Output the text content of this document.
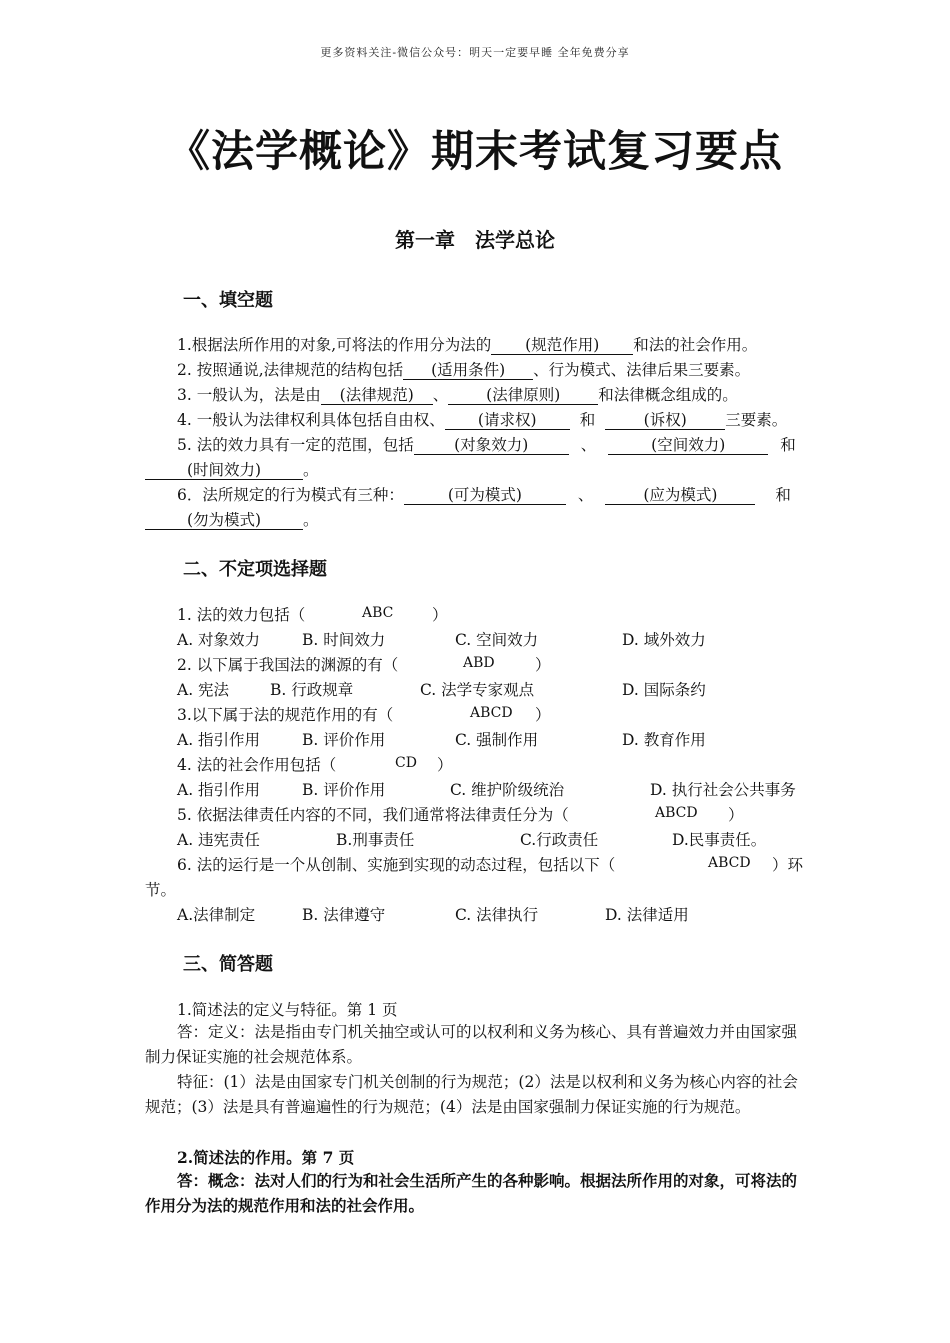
更多资料关注-微信公众号：明天一定要早睡 全年免费分享
《法学概论》期末考试复习要点
第一章 法学总论
一、填空题
1.根据法所作用的对象,可将法的作用分为法的 (规范作用) 和法的社会作用。
2. 按照通说,法律规范的结构包括 (适用条件) 、行为模式、法律后果三要素。
3. 一般认为，法是由 (法律规范) 、 (法律原则) 和法律概念组成的。
4. 一般认为法律权利具体包括自由权、 (请求权)	和	(诉权) 三要素。
5. 法的效力具有一定的范围，包括	(对象效力)	、	(空间效力)	和
(时间效力)	。
6．法所规定的行为模式有三种：	(可为模式)	、	(应为模式)	和
(勿为模式)	。
二、不定项选择题
1. 法的效力包括（	ABC ）
A. 对象效力	B. 时间效力	C. 空间效力	D. 域外效力
2. 以下属于我国法的渊源的有（	ABD	）
A. 宪法	B. 行政规章	C. 法学专家观点	D. 国际条约
3.以下属于法的规范作用的有（	ABCD ）
A. 指引作用	B. 评价作用	C. 强制作用	D. 教育作用
4. 法的社会作用包括（	CD ）
A. 指引作用	B. 评价作用	C. 维护阶级统治	D. 执行社会公共事务
5. 依据法律责任内容的不同，我们通常将法律责任分为（	ABCD ）
A. 违宪责任	B.刑事责任	C.行政责任	D.民事责任。
6. 法的运行是一个从创制、实施到实现的动态过程，包括以下（	ABCD ）环
节。
A.法律制定	B. 法律遵守	C. 法律执行	D. 法律适用
三、简答题
1.简述法的定义与特征。第 1 页
答：定义：法是指由专门机关抽空或认可的以权利和义务为核心、具有普遍效力并由国家强制力保证实施的社会规范体系。
特征：(1）法是由国家专门机关创制的行为规范；(2）法是以权利和义务为核心内容的社会规范；(3）法是具有普遍遍性的行为规范；(4）法是由国家强制力保证实施的行为规范。
2.简述法的作用。第 7 页
答：概念：法对人们的行为和社会生活所产生的各种影响。根据法所作用的对象，可将法的作用分为法的规范作用和法的社会作用。
